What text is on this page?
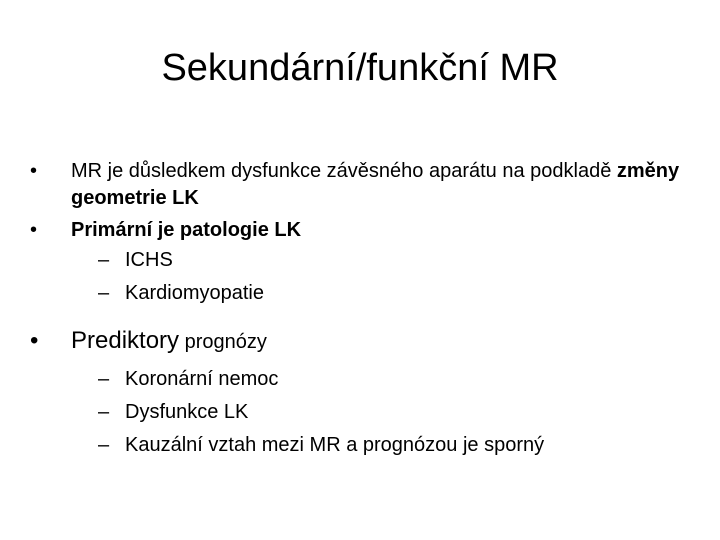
Sekundární/funkční MR
•	MR je důsledkem dysfunkce závěsného aparátu na podkladě změny geometrie LK
•	Primární je patologie LK
– ICHS
– Kardiomyopatie
•	Prediktory prognózy
– Koronární nemoc
– Dysfunkce LK
– Kauzální vztah mezi MR a prognózou je sporný
